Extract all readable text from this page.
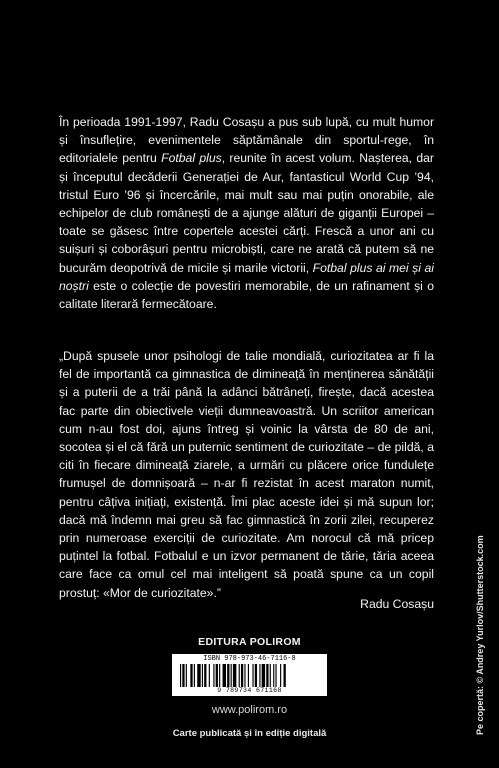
În perioada 1991-1997, Radu Cosașu a pus sub lupă, cu mult humor și însuflețire, evenimentele săptămânale din sportul-rege, în editorialele pentru Fotbal plus, reunite în acest volum. Nașterea, dar și începutul decăderii Generației de Aur, fantasticul World Cup ’94, tristul Euro ’96 și încercările, mai mult sau mai puțin onorabile, ale echipelor de club românești de a ajunge alături de giganții Europei – toate se găsesc între copertele acestei cărți. Frescă a unor ani cu suișuri și coborâșuri pentru microbiști, care ne arată că putem să ne bucurăm deopotrivă de micile și marile victorii, Fotbal plus ai mei și ai noștri este o colecție de povestiri memorabile, de un rafinament și o calitate literară fermecătoare.
„După spusele unor psihologi de talie mondială, curiozitatea ar fi la fel de importantă ca gimnastica de dimineață în menținerea sănătății și a puterii de a trăi până la adânci bătrâneți, firește, dacă acestea fac parte din obiectivele vieții dumneavoastră. Un scriitor american cum n-au fost doi, ajuns întreg și voinic la vârsta de 80 de ani, socotea și el că fără un puternic sentiment de curiozitate – de pildă, a citi în fiecare dimineață ziarele, a urmări cu plăcere orice fundulețe frumușel de domnișoară – n-ar fi rezistat în acest maraton numit, pentru câțiva inițiați, existență. Îmi plac aceste idei și mă supun lor; dacă mă îndemn mai greu să fac gimnastică în zorii zilei, recuperez prin numeroase exerciții de curiozitate. Am norocul că mă pricep puțintel la fotbal. Fotbalul e un izvor permanent de tărie, tăria aceea care face ca omul cel mai inteligent să poată spune ca un copil prostuț: «Mor de curiozitate».”
Radu Cosașu
EDITURA POLIROM
ISBN 978-973-46-7116-8
9 789734 671168
www.polirom.ro
Carte publicată și în ediție digitală	Pe copertă: © Andrey Yurlov/Shutterstock.com
